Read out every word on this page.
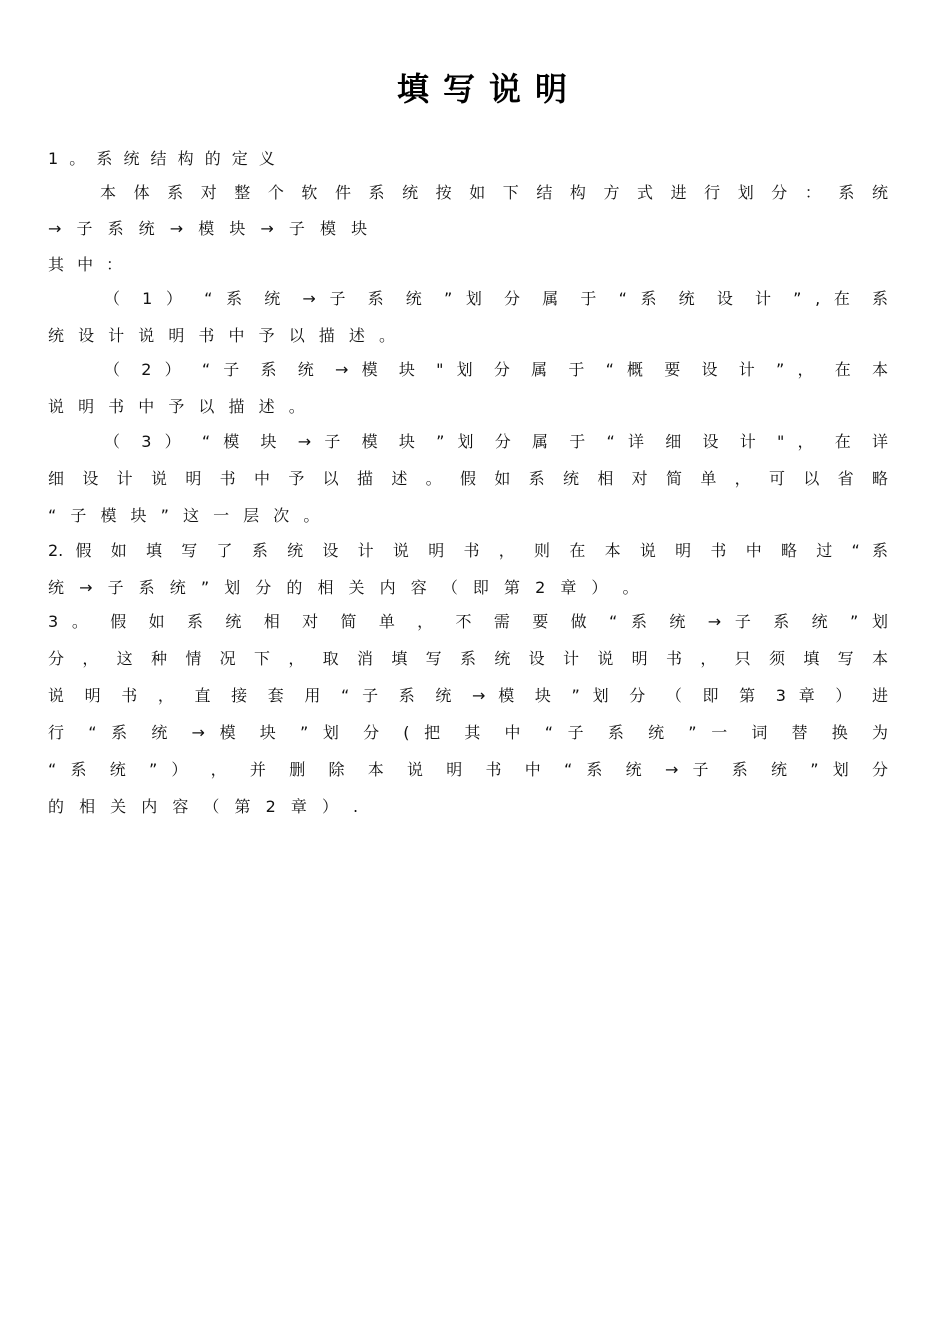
填写说明
1 。 系 统 结 构 的 定 义
本 体 系 对 整 个 软 件 系 统 按 如 下 结 构 方 式 进 行 划 分 ： 系 统
→ 子 系 统 → 模 块 → 子 模 块
其 中 ：
（ 1 ） “ 系 统 → 子 系 统 ” 划 分 属 于 “ 系 统 设 计 ” , 在 系
统 设 计 说 明 书 中 予 以 描 述 。
（ 2 ） “ 子 系 统 → 模 块 " 划 分 属 于 “ 概 要 设 计 ” ， 在 本
说 明 书 中 予 以 描 述 。
（ 3 ） “ 模 块 → 子 模 块 ” 划 分 属 于 “ 详 细 设 计 " ， 在 详
细 设 计 说 明 书 中 予 以 描 述 。 假 如 系 统 相 对 简 单 ， 可 以 省 略
“ 子 模 块 ” 这 一 层 次 。
2. 假 如 填 写 了 系 统 设 计 说 明 书 ， 则 在 本 说 明 书 中 略 过 “ 系
统 → 子 系 统 ” 划 分 的 相 关 内 容 （ 即 第 2 章 ） 。
3 。 假 如 系 统 相 对 简 单 ， 不 需 要 做 “ 系 统 → 子 系 统 ” 划
分 ， 这 种 情 况 下 ， 取 消 填 写 系 统 设 计 说 明 书 ， 只 须 填 写 本
说 明 书 ， 直 接 套 用 “ 子 系 统 → 模 块 ” 划 分 （ 即 第 3 章 ） 进
行 “ 系 统 → 模 块 ” 划 分 ( 把 其 中 “ 子 系 统 ” 一 词 替 换 为
“ 系 统 ” ） ， 并 删 除 本 说 明 书 中 “ 系 统 → 子 系 统 ” 划 分
的 相 关 内 容 （ 第 2 章 ） .
